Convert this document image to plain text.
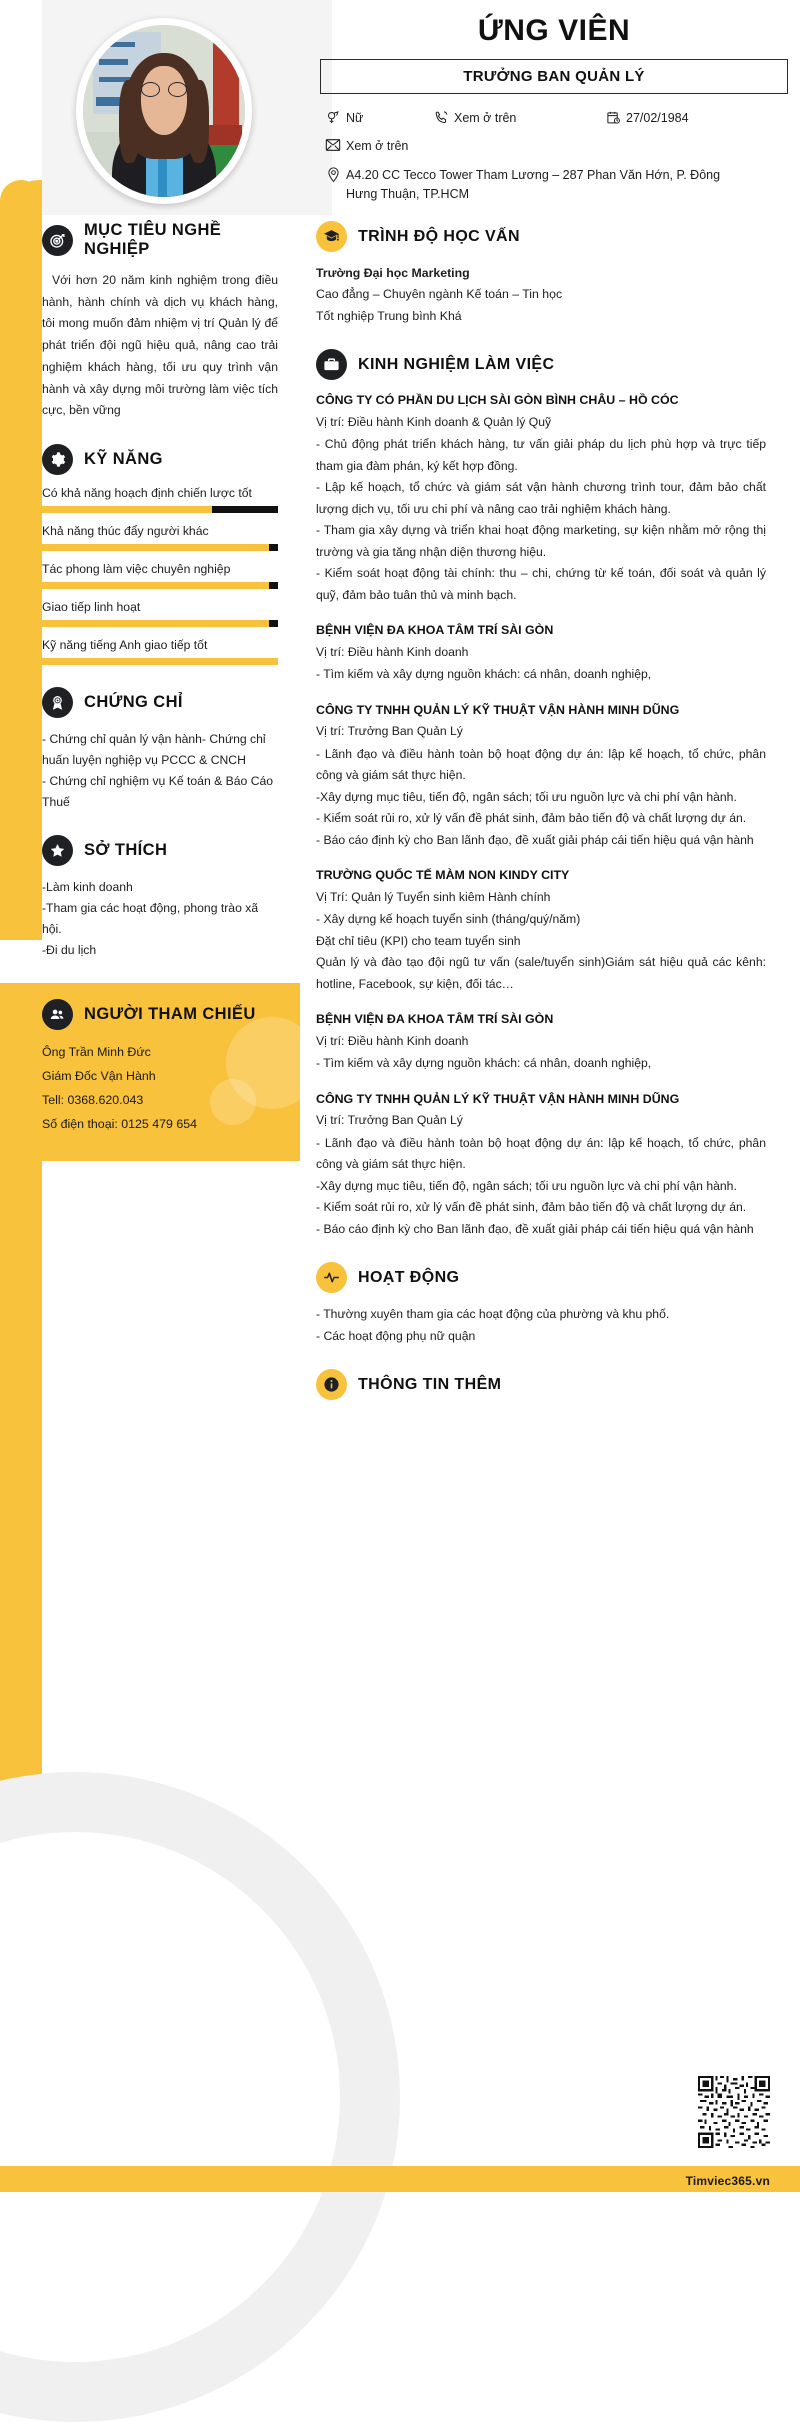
ỨNG VIÊN
TRƯỞNG BAN QUẢN LÝ
Nữ	Xem ở trên	27/02/1984
Xem ở trên
A4.20 CC Tecco Tower Tham Lương – 287 Phan Văn Hớn, P. Đông Hưng Thuận, TP.HCM
MỤC TIÊU NGHỀ NGHIỆP
Với hơn 20 năm kinh nghiệm trong điều hành, hành chính và dịch vụ khách hàng, tôi mong muốn đảm nhiệm vị trí Quản lý để phát triển đội ngũ hiệu quả, nâng cao trải nghiệm khách hàng, tối ưu quy trình vận hành và xây dựng môi trường làm việc tích cực, bền vững
KỸ NĂNG
Có khả năng hoạch định chiến lược tốt
Khả năng thúc đẩy người khác
Tác phong làm việc chuyên nghiệp
Giao tiếp linh hoạt
Kỹ năng tiếng Anh giao tiếp tốt
CHỨNG CHỈ
- Chứng chỉ quản lý vận hành- Chứng chỉ huấn luyện nghiệp vụ PCCC & CNCH
- Chứng chỉ nghiệm vụ Kế toán & Báo Cáo Thuế
SỞ THÍCH
-Làm kinh doanh
-Tham gia các hoạt động, phong trào xã hội.
-Đi du lịch
NGƯỜI THAM CHIẾU
Ông Trần Minh Đức
Giám Đốc Vận Hành
Tell: 0368.620.043
Số điện thoại: 0125 479 654
TRÌNH ĐỘ HỌC VẤN
Trường Đại học Marketing
Cao đẳng – Chuyên ngành Kế toán – Tin học
Tốt nghiệp Trung bình Khá
KINH NGHIỆM LÀM VIỆC
CÔNG TY CÓ PHẦN DU LỊCH SÀI GÒN BÌNH CHÂU – HỒ CÓC
Vị trí: Điều hành Kinh doanh & Quản lý Quỹ
- Chủ động phát triển khách hàng, tư vấn giải pháp du lịch phù hợp và trực tiếp tham gia đàm phán, ký kết hợp đồng.
- Lập kế hoạch, tổ chức và giám sát vận hành chương trình tour, đảm bảo chất lượng dịch vụ, tối ưu chi phí và nâng cao trải nghiệm khách hàng.
- Tham gia xây dựng và triển khai hoạt động marketing, sự kiện nhằm mở rộng thị trường và gia tăng nhận diện thương hiệu.
- Kiểm soát hoạt động tài chính: thu – chi, chứng từ kế toán, đối soát và quản lý quỹ, đảm bảo tuân thủ và minh bạch.
BỆNH VIỆN ĐA KHOA TÂM TRÍ SÀI GÒN
Vị trí: Điều hành Kinh doanh
- Tìm kiếm và xây dựng nguồn khách: cá nhân, doanh nghiệp,
CÔNG TY TNHH QUẢN LÝ KỸ THUẬT VẬN HÀNH MINH DŨNG
Vị trí: Trưởng Ban Quản Lý
- Lãnh đạo và điều hành toàn bộ hoạt động dự án: lập kế hoạch, tổ chức, phân công và giám sát thực hiện.
-Xây dựng mục tiêu, tiến độ, ngân sách; tối ưu nguồn lực và chi phí vận hành.
- Kiểm soát rủi ro, xử lý vấn đề phát sinh, đảm bảo tiến độ và chất lượng dự án.
- Báo cáo định kỳ cho Ban lãnh đạo, đề xuất giải pháp cái tiến hiệu quá vận hành
TRƯỜNG QUỐC TẾ MÀM NON KINDY CITY
Vị Trí: Quản lý Tuyển sinh kiêm Hành chính
- Xây dựng kế hoạch tuyển sinh (tháng/quý/năm)
Đặt chỉ tiêu (KPI) cho team tuyển sinh
Quản lý và đào tạo đội ngũ tư vấn (sale/tuyển sinh)Giám sát hiệu quả các kênh: hotline, Facebook, sự kiện, đối tác…
BỆNH VIỆN ĐA KHOA TÂM TRÍ SÀI GÒN
Vị trí: Điều hành Kinh doanh
- Tìm kiếm và xây dựng nguồn khách: cá nhân, doanh nghiệp,
CÔNG TY TNHH QUẢN LÝ KỸ THUẬT VẬN HÀNH MINH DŨNG
Vị trí: Trưởng Ban Quản Lý
- Lãnh đạo và điều hành toàn bộ hoạt động dự án: lập kế hoạch, tổ chức, phân công và giám sát thực hiện.
-Xây dựng mục tiêu, tiến độ, ngân sách; tối ưu nguồn lực và chi phí vận hành.
- Kiểm soát rủi ro, xử lý vấn đề phát sinh, đảm bảo tiến độ và chất lượng dự án.
- Báo cáo định kỳ cho Ban lãnh đạo, đề xuất giải pháp cái tiến hiệu quá vận hành
HOẠT ĐỘNG
- Thường xuyên tham gia các hoạt động của phường và khu phố.
- Các hoạt động phụ nữ quận
THÔNG TIN THÊM
Timviec365.vn
